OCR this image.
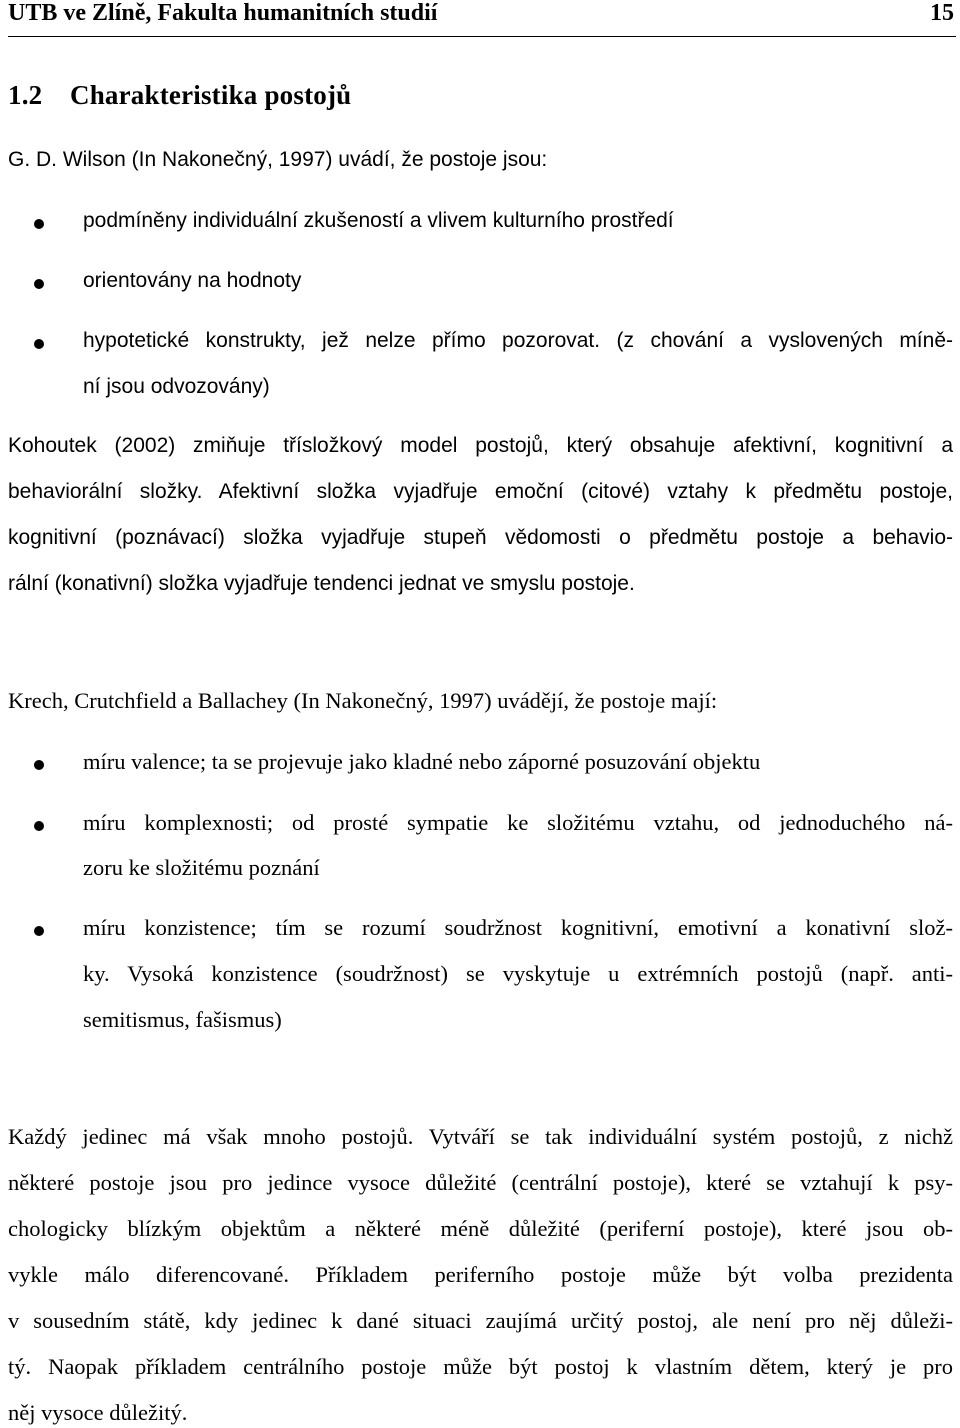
UTB ve Zlíně, Fakulta humanitních studií	15
1.2 Charakteristika postojů
G. D. Wilson (In Nakonečný, 1997) uvádí, že postoje jsou:
podmíněny individuální zkušeností a vlivem kulturního prostředí
orientovány na hodnoty
hypotetické konstrukty, jež nelze přímo pozorovat. (z chování a vyslovených míně-
ní jsou odvozovány)
Kohoutek (2002) zmiňuje třísložkový model postojů, který obsahuje afektivní, kognitivní a
behaviorální složky. Afektivní složka vyjadřuje emoční (citové) vztahy k předmětu postoje,
kognitivní (poznávací) složka vyjadřuje stupeň vědomosti o předmětu postoje a behavio-
rální (konativní) složka vyjadřuje tendenci jednat ve smyslu postoje.
Krech, Crutchfield a Ballachey (In Nakonečný, 1997) uvádějí, že postoje mají:
míru valence; ta se projevuje jako kladné nebo záporné posuzování objektu
míru komplexnosti; od prosté sympatie ke složitému vztahu, od jednoduchého ná-
zoru ke složitému poznání
míru konzistence; tím se rozumí soudržnost kognitivní, emotivní a konativní slož-
ky. Vysoká konzistence (soudržnost) se vyskytuje u extrémních postojů (např. anti-
semitismus, fašismus)
Každý jedinec má však mnoho postojů. Vytváří se tak individuální systém postojů, z nichž
některé postoje jsou pro jedince vysoce důležité (centrální postoje), které se vztahují k psy-
chologicky blízkým objektům a některé méně důležité (periferní postoje), které jsou ob-
vykle málo diferencované. Příkladem periferního postoje může být volba prezidenta
v sousedním státě, kdy jedinec k dané situaci zaujímá určitý postoj, ale není pro něj důleži-
tý. Naopak příkladem centrálního postoje může být postoj k vlastním dětem, který je pro
něj vysoce důležitý.
